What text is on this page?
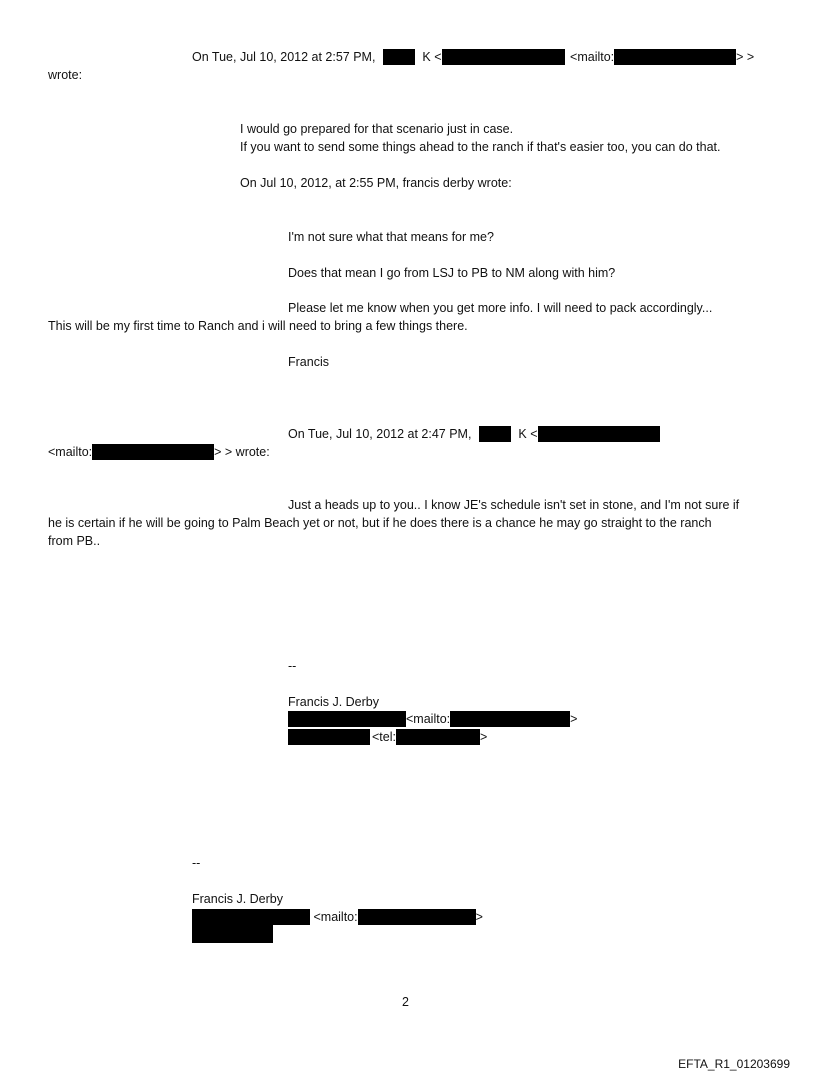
On Tue, Jul 10, 2012 at 2:57 PM,	K <	<mailto:	> >
wrote:
I would go prepared for that scenario just in case.
If you want to send some things ahead to the ranch if that's easier too, you can do that.
On Jul 10, 2012, at 2:55 PM, francis derby wrote:
I'm not sure what that means for me?
Does that mean I go from LSJ to PB to NM along with him?
Please let me know when you get more info. I will need to pack accordingly...
This will be my first time to Ranch and i will need to bring a few things there.
Francis
On Tue, Jul 10, 2012 at 2:47 PM,	K <
<mailto:	> > wrote:
Just a heads up to you.. I know JE's schedule isn't set in stone, and I'm not sure if
he is certain if he will be going to Palm Beach yet or not, but if he does there is a chance he may go straight to the ranch
from PB..
--
Francis J. Derby
<mailto:	>
<tel:	>
--
Francis J. Derby
<mailto:	>
2
EFTA_R1_01203699
